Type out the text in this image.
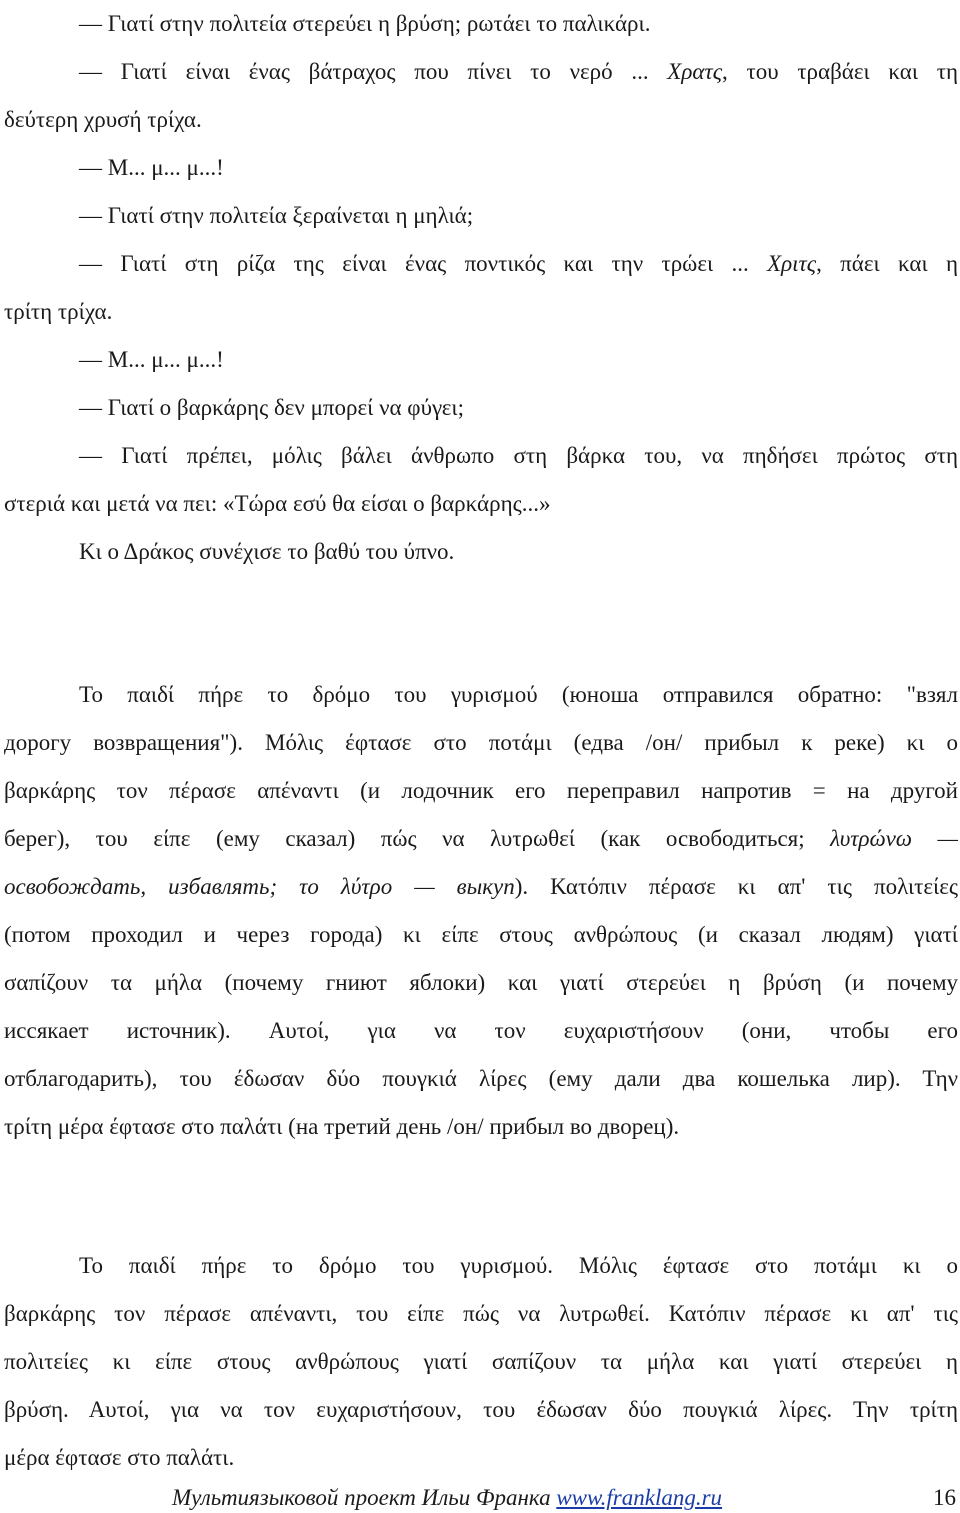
— Γιατί στην πολιτεία στερεύει η βρύση; ρωτάει το παλικάρι.

— Γιατί είναι ένας βάτραχος που πίνει το νερό ... Χρατς, του τραβάει και τη

δεύτερη χρυσή τρίχα.

— Μ... μ... μ...!

— Γιατί στην πολιτεία ξεραίνεται η μηλιά;

— Γιατί στη ρίζα της είναι ένας ποντικός και την τρώει ... Χριτς, πάει και η

τρίτη τρίχα.

— Μ... μ... μ...!

— Γιατί ο βαρκάρης δεν μπορεί να φύγει;

— Γιατί πρέπει, μόλις βάλει άνθρωπο στη βάρκα του, να πηδήσει πρώτος στη

στεριά και μετά να πει: «Τώρα εσύ θα είσαι ο βαρκάρης...»

Κι ο Δράκος συνέχισε το βαθύ του ύπνο.

Το παιδί πήρε το δρόμο του γυρισμού (юноша отправился обратно: "взял

дорогу возвращения"). Μόλις έφτασε στο ποτάμι (едва /он/ прибыл к реке) κι ο

βαρκάρης τον πέρασε απέναντι (и лодочник его переправил напротив = на другой

берег), του είπε (ему сказал) πώς να λυτρωθεί (как освободиться; λυτρώνω —

освобождать, избавлять; το λύτρο — выкуп). Κατόπιν πέρασε κι απ' τις πολιτείες

(потом проходил и через города) κι είπε στους ανθρώπους (и сказал людям) γιατί

σαπίζουν τα μήλα (почему гниют яблоки) και γιατί στερεύει η βρύση (и почему

иссякает источник). Αυτοί, για να τον ευχαριστήσουν (они, чтобы его

отблагодарить), του έδωσαν δύο πουγκιά λίρες (ему дали два кошелька лир). Την

τρίτη μέρα έφτασε στο παλάτι (на третий день /он/ прибыл во дворец).

Το παιδί πήρε το δρόμο του γυρισμού. Μόλις έφτασε στο ποτάμι κι ο

βαρκάρης τον πέρασε απέναντι, του είπε πώς να λυτρωθεί. Κατόπιν πέρασε κι απ' τις

πολιτείες κι είπε στους ανθρώπους γιατί σαπίζουν τα μήλα και γιατί στερεύει η

βρύση. Αυτοί, για να τον ευχαριστήσουν, του έδωσαν δύο πουγκιά λίρες. Την τρίτη

μέρα έφτασε στο παλάτι.

Мультиязыковой проект Ильи Франка www.franklang.ru	16
